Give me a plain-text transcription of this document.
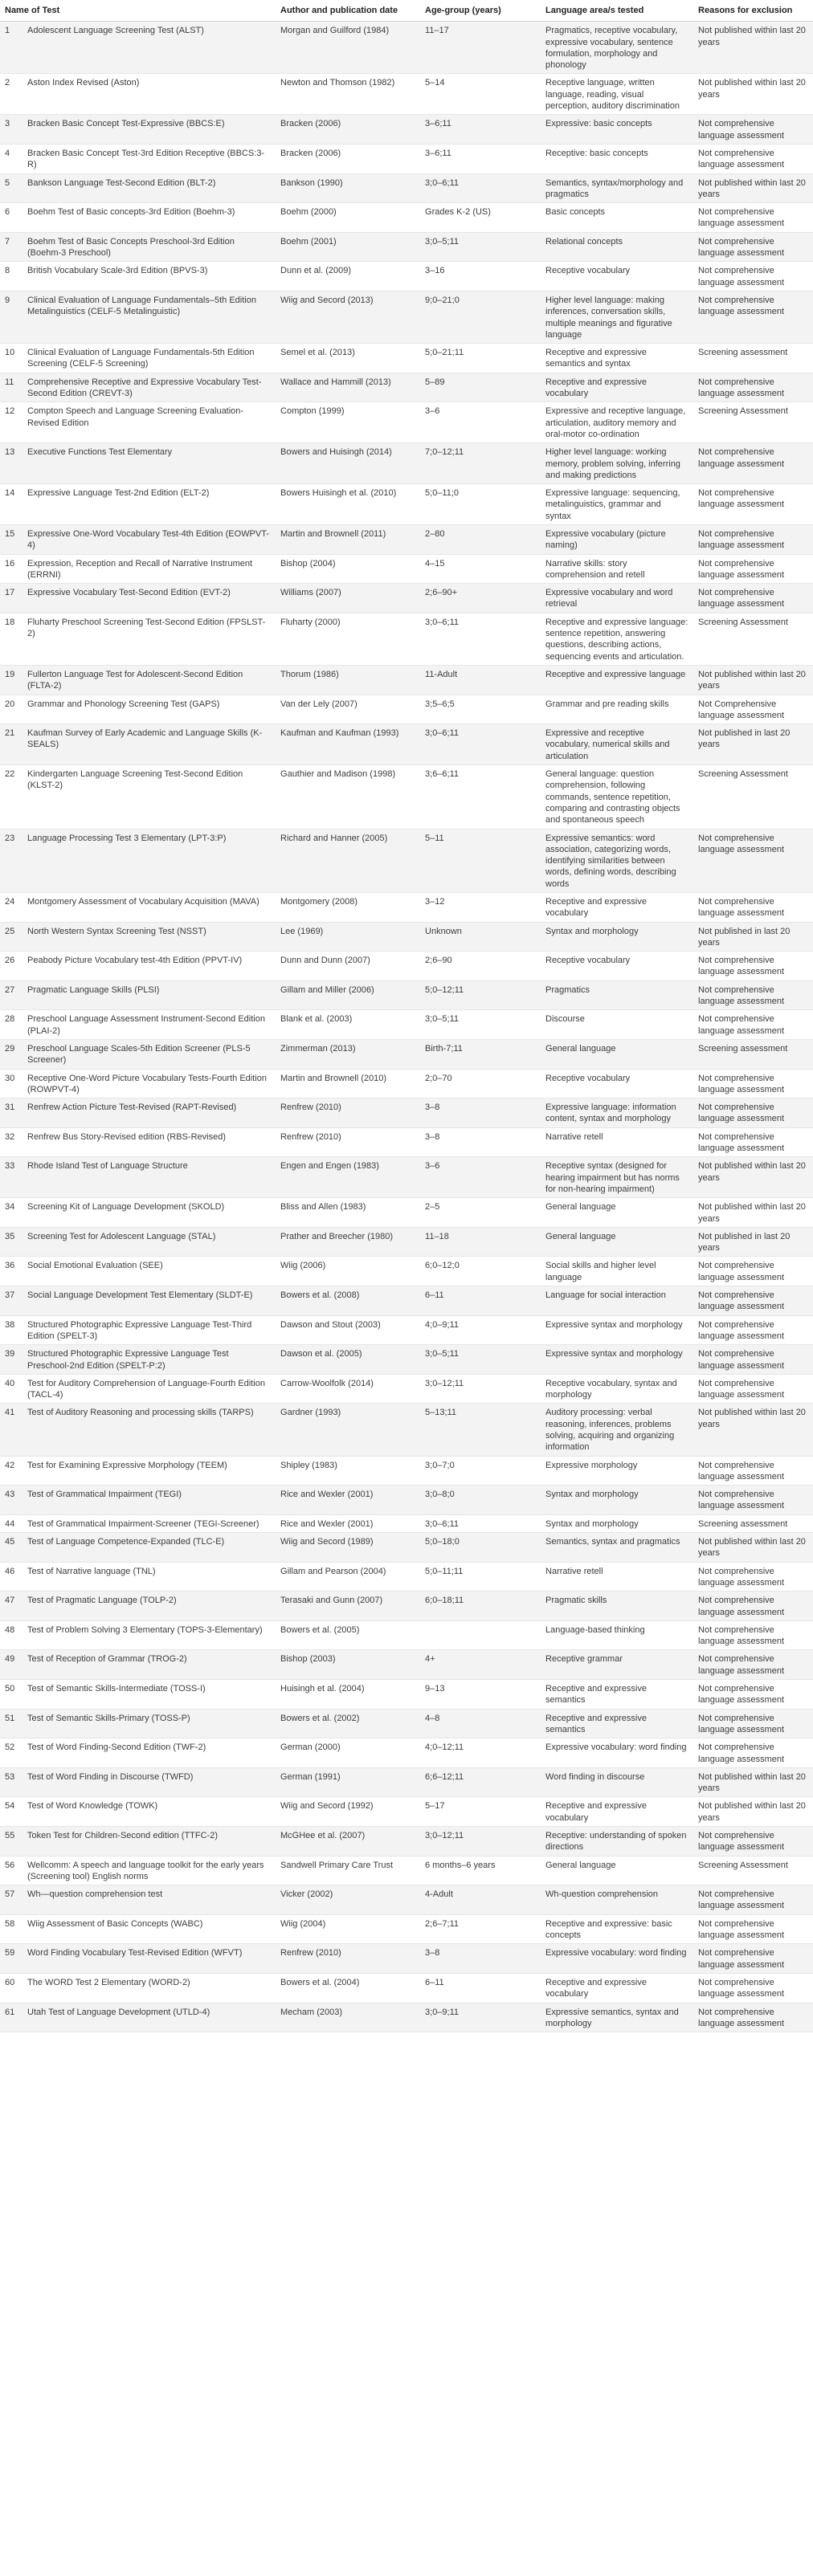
Name of Test		Author and publication date	Age-group (years)	Language area/s tested	Reasons for exclusion
1	Adolescent Language Screening Test (ALST)	Morgan and Guilford (1984)	11–17	Pragmatics, receptive vocabulary, expressive vocabulary, sentence formulation, morphology and phonology	Not published within last 20 years
2	Aston Index Revised (Aston)	Newton and Thomson (1982)	5–14	Receptive language, written language, reading, visual perception, auditory discrimination	Not published within last 20 years
3	Bracken Basic Concept Test-Expressive (BBCS:E)	Bracken (2006)	3–6;11	Expressive: basic concepts	Not comprehensive language assessment
4	Bracken Basic Concept Test-3rd Edition Receptive (BBCS:3-R)	Bracken (2006)	3–6;11	Receptive: basic concepts	Not comprehensive language assessment
5	Bankson Language Test-Second Edition (BLT-2)	Bankson (1990)	3;0–6;11	Semantics, syntax/morphology and pragmatics	Not published within last 20 years
6	Boehm Test of Basic concepts-3rd Edition (Boehm-3)	Boehm (2000)	Grades K-2 (US)	Basic concepts	Not comprehensive language assessment
7	Boehm Test of Basic Concepts Preschool-3rd Edition (Boehm-3 Preschool)	Boehm (2001)	3;0–5;11	Relational concepts	Not comprehensive language assessment
8	British Vocabulary Scale-3rd Edition (BPVS-3)	Dunn et al. (2009)	3–16	Receptive vocabulary	Not comprehensive language assessment
9	Clinical Evaluation of Language Fundamentals–5th Edition Metalinguistics (CELF-5 Metalinguistic)	Wiig and Secord (2013)	9;0–21;0	Higher level language: making inferences, conversation skills, multiple meanings and figurative language	Not comprehensive language assessment
10	Clinical Evaluation of Language Fundamentals-5th Edition Screening (CELF-5 Screening)	Semel et al. (2013)	5;0–21;11	Receptive and expressive semantics and syntax	Screening assessment
11	Comprehensive Receptive and Expressive Vocabulary Test-Second Edition (CREVT-3)	Wallace and Hammill (2013)	5–89	Receptive and expressive vocabulary	Not comprehensive language assessment
12	Compton Speech and Language Screening Evaluation-Revised Edition	Compton (1999)	3–6	Expressive and receptive language, articulation, auditory memory and oral-motor co-ordination	Screening Assessment
13	Executive Functions Test Elementary	Bowers and Huisingh (2014)	7;0–12;11	Higher level language: working memory, problem solving, inferring and making predictions	Not comprehensive language assessment
14	Expressive Language Test-2nd Edition (ELT-2)	Bowers Huisingh et al. (2010)	5;0–11;0	Expressive language: sequencing, metalinguistics, grammar and syntax	Not comprehensive language assessment
15	Expressive One-Word Vocabulary Test-4th Edition (EOWPVT-4)	Martin and Brownell (2011)	2–80	Expressive vocabulary (picture naming)	Not comprehensive language assessment
16	Expression, Reception and Recall of Narrative Instrument (ERRNI)	Bishop (2004)	4–15	Narrative skills: story comprehension and retell	Not comprehensive language assessment
17	Expressive Vocabulary Test-Second Edition (EVT-2)	Williams (2007)	2;6–90+	Expressive vocabulary and word retrieval	Not comprehensive language assessment
18	Fluharty Preschool Screening Test-Second Edition (FPSLST-2)	Fluharty (2000)	3;0–6;11	Receptive and expressive language: sentence repetition, answering questions, describing actions, sequencing events and articulation.	Screening Assessment
19	Fullerton Language Test for Adolescent-Second Edition (FLTA-2)	Thorum (1986)	11-Adult	Receptive and expressive language	Not published within last 20 years
20	Grammar and Phonology Screening Test (GAPS)	Van der Lely (2007)	3;5–6;5	Grammar and pre reading skills	Not Comprehensive language assessment
21	Kaufman Survey of Early Academic and Language Skills (K-SEALS)	Kaufman and Kaufman (1993)	3;0–6;11	Expressive and receptive vocabulary, numerical skills and articulation	Not published in last 20 years
22	Kindergarten Language Screening Test-Second Edition (KLST-2)	Gauthier and Madison (1998)	3;6–6;11	General language: question comprehension, following commands, sentence repetition, comparing and contrasting objects and spontaneous speech	Screening Assessment
23	Language Processing Test 3 Elementary (LPT-3:P)	Richard and Hanner (2005)	5–11	Expressive semantics: word association, categorizing words, identifying similarities between words, defining words, describing words	Not comprehensive language assessment
24	Montgomery Assessment of Vocabulary Acquisition (MAVA)	Montgomery (2008)	3–12	Receptive and expressive vocabulary	Not comprehensive language assessment
25	North Western Syntax Screening Test (NSST)	Lee (1969)	Unknown	Syntax and morphology	Not published in last 20 years
26	Peabody Picture Vocabulary test-4th Edition (PPVT-IV)	Dunn and Dunn (2007)	2;6–90	Receptive vocabulary	Not comprehensive language assessment
27	Pragmatic Language Skills (PLSI)	Gillam and Miller (2006)	5;0–12;11	Pragmatics	Not comprehensive language assessment
28	Preschool Language Assessment Instrument-Second Edition (PLAI-2)	Blank et al. (2003)	3;0–5;11	Discourse	Not comprehensive language assessment
29	Preschool Language Scales-5th Edition Screener (PLS-5 Screener)	Zimmerman (2013)	Birth-7;11	General language	Screening assessment
30	Receptive One-Word Picture Vocabulary Tests-Fourth Edition (ROWPVT-4)	Martin and Brownell (2010)	2;0–70	Receptive vocabulary	Not comprehensive language assessment
31	Renfrew Action Picture Test-Revised (RAPT-Revised)	Renfrew (2010)	3–8	Expressive language: information content, syntax and morphology	Not comprehensive language assessment
32	Renfrew Bus Story-Revised edition (RBS-Revised)	Renfrew (2010)	3–8	Narrative retell	Not comprehensive language assessment
33	Rhode Island Test of Language Structure	Engen and Engen (1983)	3–6	Receptive syntax (designed for hearing impairment but has norms for non-hearing impairment)	Not published within last 20 years
34	Screening Kit of Language Development (SKOLD)	Bliss and Allen (1983)	2–5	General language	Not published within last 20 years
35	Screening Test for Adolescent Language (STAL)	Prather and Breecher (1980)	11–18	General language	Not published in last 20 years
36	Social Emotional Evaluation (SEE)	Wiig (2006)	6;0–12;0	Social skills and higher level language	Not comprehensive language assessment
37	Social Language Development Test Elementary (SLDT-E)	Bowers et al. (2008)	6–11	Language for social interaction	Not comprehensive language assessment
38	Structured Photographic Expressive Language Test-Third Edition (SPELT-3)	Dawson and Stout (2003)	4;0–9;11	Expressive syntax and morphology	Not comprehensive language assessment
39	Structured Photographic Expressive Language Test Preschool-2nd Edition (SPELT-P:2)	Dawson et al. (2005)	3;0–5;11	Expressive syntax and morphology	Not comprehensive language assessment
40	Test for Auditory Comprehension of Language-Fourth Edition (TACL-4)	Carrow-Woolfolk (2014)	3;0–12;11	Receptive vocabulary, syntax and morphology	Not comprehensive language assessment
41	Test of Auditory Reasoning and processing skills (TARPS)	Gardner (1993)	5–13;11	Auditory processing: verbal reasoning, inferences, problems solving, acquiring and organizing information	Not published within last 20 years
42	Test for Examining Expressive Morphology (TEEM)	Shipley (1983)	3;0–7;0	Expressive morphology	Not comprehensive language assessment
43	Test of Grammatical Impairment (TEGI)	Rice and Wexler (2001)	3;0–8;0	Syntax and morphology	Not comprehensive language assessment
44	Test of Grammatical Impairment-Screener (TEGI-Screener)	Rice and Wexler (2001)	3;0–6;11	Syntax and morphology	Screening assessment
45	Test of Language Competence-Expanded (TLC-E)	Wiig and Secord (1989)	5;0–18;0	Semantics, syntax and pragmatics	Not published within last 20 years
46	Test of Narrative language (TNL)	Gillam and Pearson (2004)	5;0–11;11	Narrative retell	Not comprehensive language assessment
47	Test of Pragmatic Language (TOLP-2)	Terasaki and Gunn (2007)	6;0–18;11	Pragmatic skills	Not comprehensive language assessment
48	Test of Problem Solving 3 Elementary (TOPS-3-Elementary)	Bowers et al. (2005)		Language-based thinking	Not comprehensive language assessment
49	Test of Reception of Grammar (TROG-2)	Bishop (2003)	4+	Receptive grammar	Not comprehensive language assessment
50	Test of Semantic Skills-Intermediate (TOSS-I)	Huisingh et al. (2004)	9–13	Receptive and expressive semantics	Not comprehensive language assessment
51	Test of Semantic Skills-Primary (TOSS-P)	Bowers et al. (2002)	4–8	Receptive and expressive semantics	Not comprehensive language assessment
52	Test of Word Finding-Second Edition (TWF-2)	German (2000)	4;0–12;11	Expressive vocabulary: word finding	Not comprehensive language assessment
53	Test of Word Finding in Discourse (TWFD)	German (1991)	6;6–12;11	Word finding in discourse	Not published within last 20 years
54	Test of Word Knowledge (TOWK)	Wiig and Secord (1992)	5–17	Receptive and expressive vocabulary	Not published within last 20 years
55	Token Test for Children-Second edition (TTFC-2)	McGHee et al. (2007)	3;0–12;11	Receptive: understanding of spoken directions	Not comprehensive language assessment
56	Wellcomm: A speech and language toolkit for the early years (Screening tool) English norms	Sandwell Primary Care Trust	6 months–6 years	General language	Screening Assessment
57	Wh—question comprehension test	Vicker (2002)	4-Adult	Wh-question comprehension	Not comprehensive language assessment
58	Wiig Assessment of Basic Concepts (WABC)	Wiig (2004)	2;6–7;11	Receptive and expressive: basic concepts	Not comprehensive language assessment
59	Word Finding Vocabulary Test-Revised Edition (WFVT)	Renfrew (2010)	3–8	Expressive vocabulary: word finding	Not comprehensive language assessment
60	The WORD Test 2 Elementary (WORD-2)	Bowers et al. (2004)	6–11	Receptive and expressive vocabulary	Not comprehensive language assessment
61	Utah Test of Language Development (UTLD-4)	Mecham (2003)	3;0–9;11	Expressive semantics, syntax and morphology	Not comprehensive language assessment
